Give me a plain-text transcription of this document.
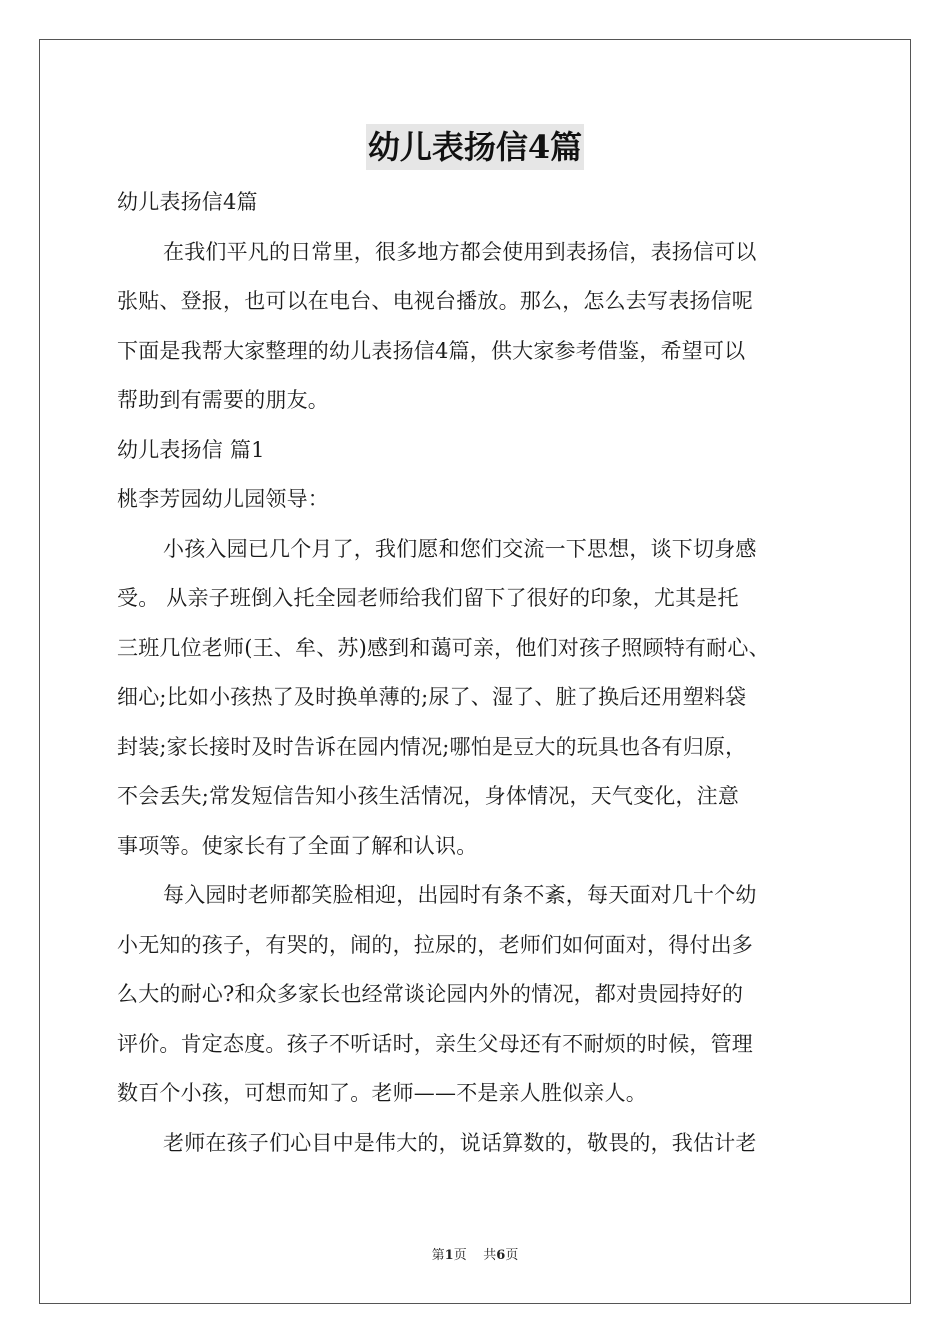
幼儿表扬信4篇
幼儿表扬信4篇
在我们平凡的日常里，很多地方都会使用到表扬信，表扬信可以
张贴、登报，也可以在电台、电视台播放。那么，怎么去写表扬信呢
下面是我帮大家整理的幼儿表扬信4篇，供大家参考借鉴，希望可以
帮助到有需要的朋友。
幼儿表扬信 篇1
桃李芳园幼儿园领导：
小孩入园已几个月了，我们愿和您们交流一下思想，谈下切身感
受。 从亲子班倒入托全园老师给我们留下了很好的印象，尤其是托
三班几位老师(王、牟、苏)感到和蔼可亲，他们对孩子照顾特有耐心、
细心;比如小孩热了及时换单薄的;尿了、湿了、脏了换后还用塑料袋
封装;家长接时及时告诉在园内情况;哪怕是豆大的玩具也各有归原，
不会丢失;常发短信告知小孩生活情况，身体情况，天气变化，注意
事项等。使家长有了全面了解和认识。
每入园时老师都笑脸相迎，出园时有条不紊，每天面对几十个幼
小无知的孩子，有哭的，闹的，拉尿的，老师们如何面对，得付出多
么大的耐心?和众多家长也经常谈论园内外的情况，都对贵园持好的
评价。肯定态度。孩子不听话时，亲生父母还有不耐烦的时候，管理
数百个小孩，可想而知了。老师——不是亲人胜似亲人。
老师在孩子们心目中是伟大的，说话算数的，敬畏的，我估计老
第1页 共6页
